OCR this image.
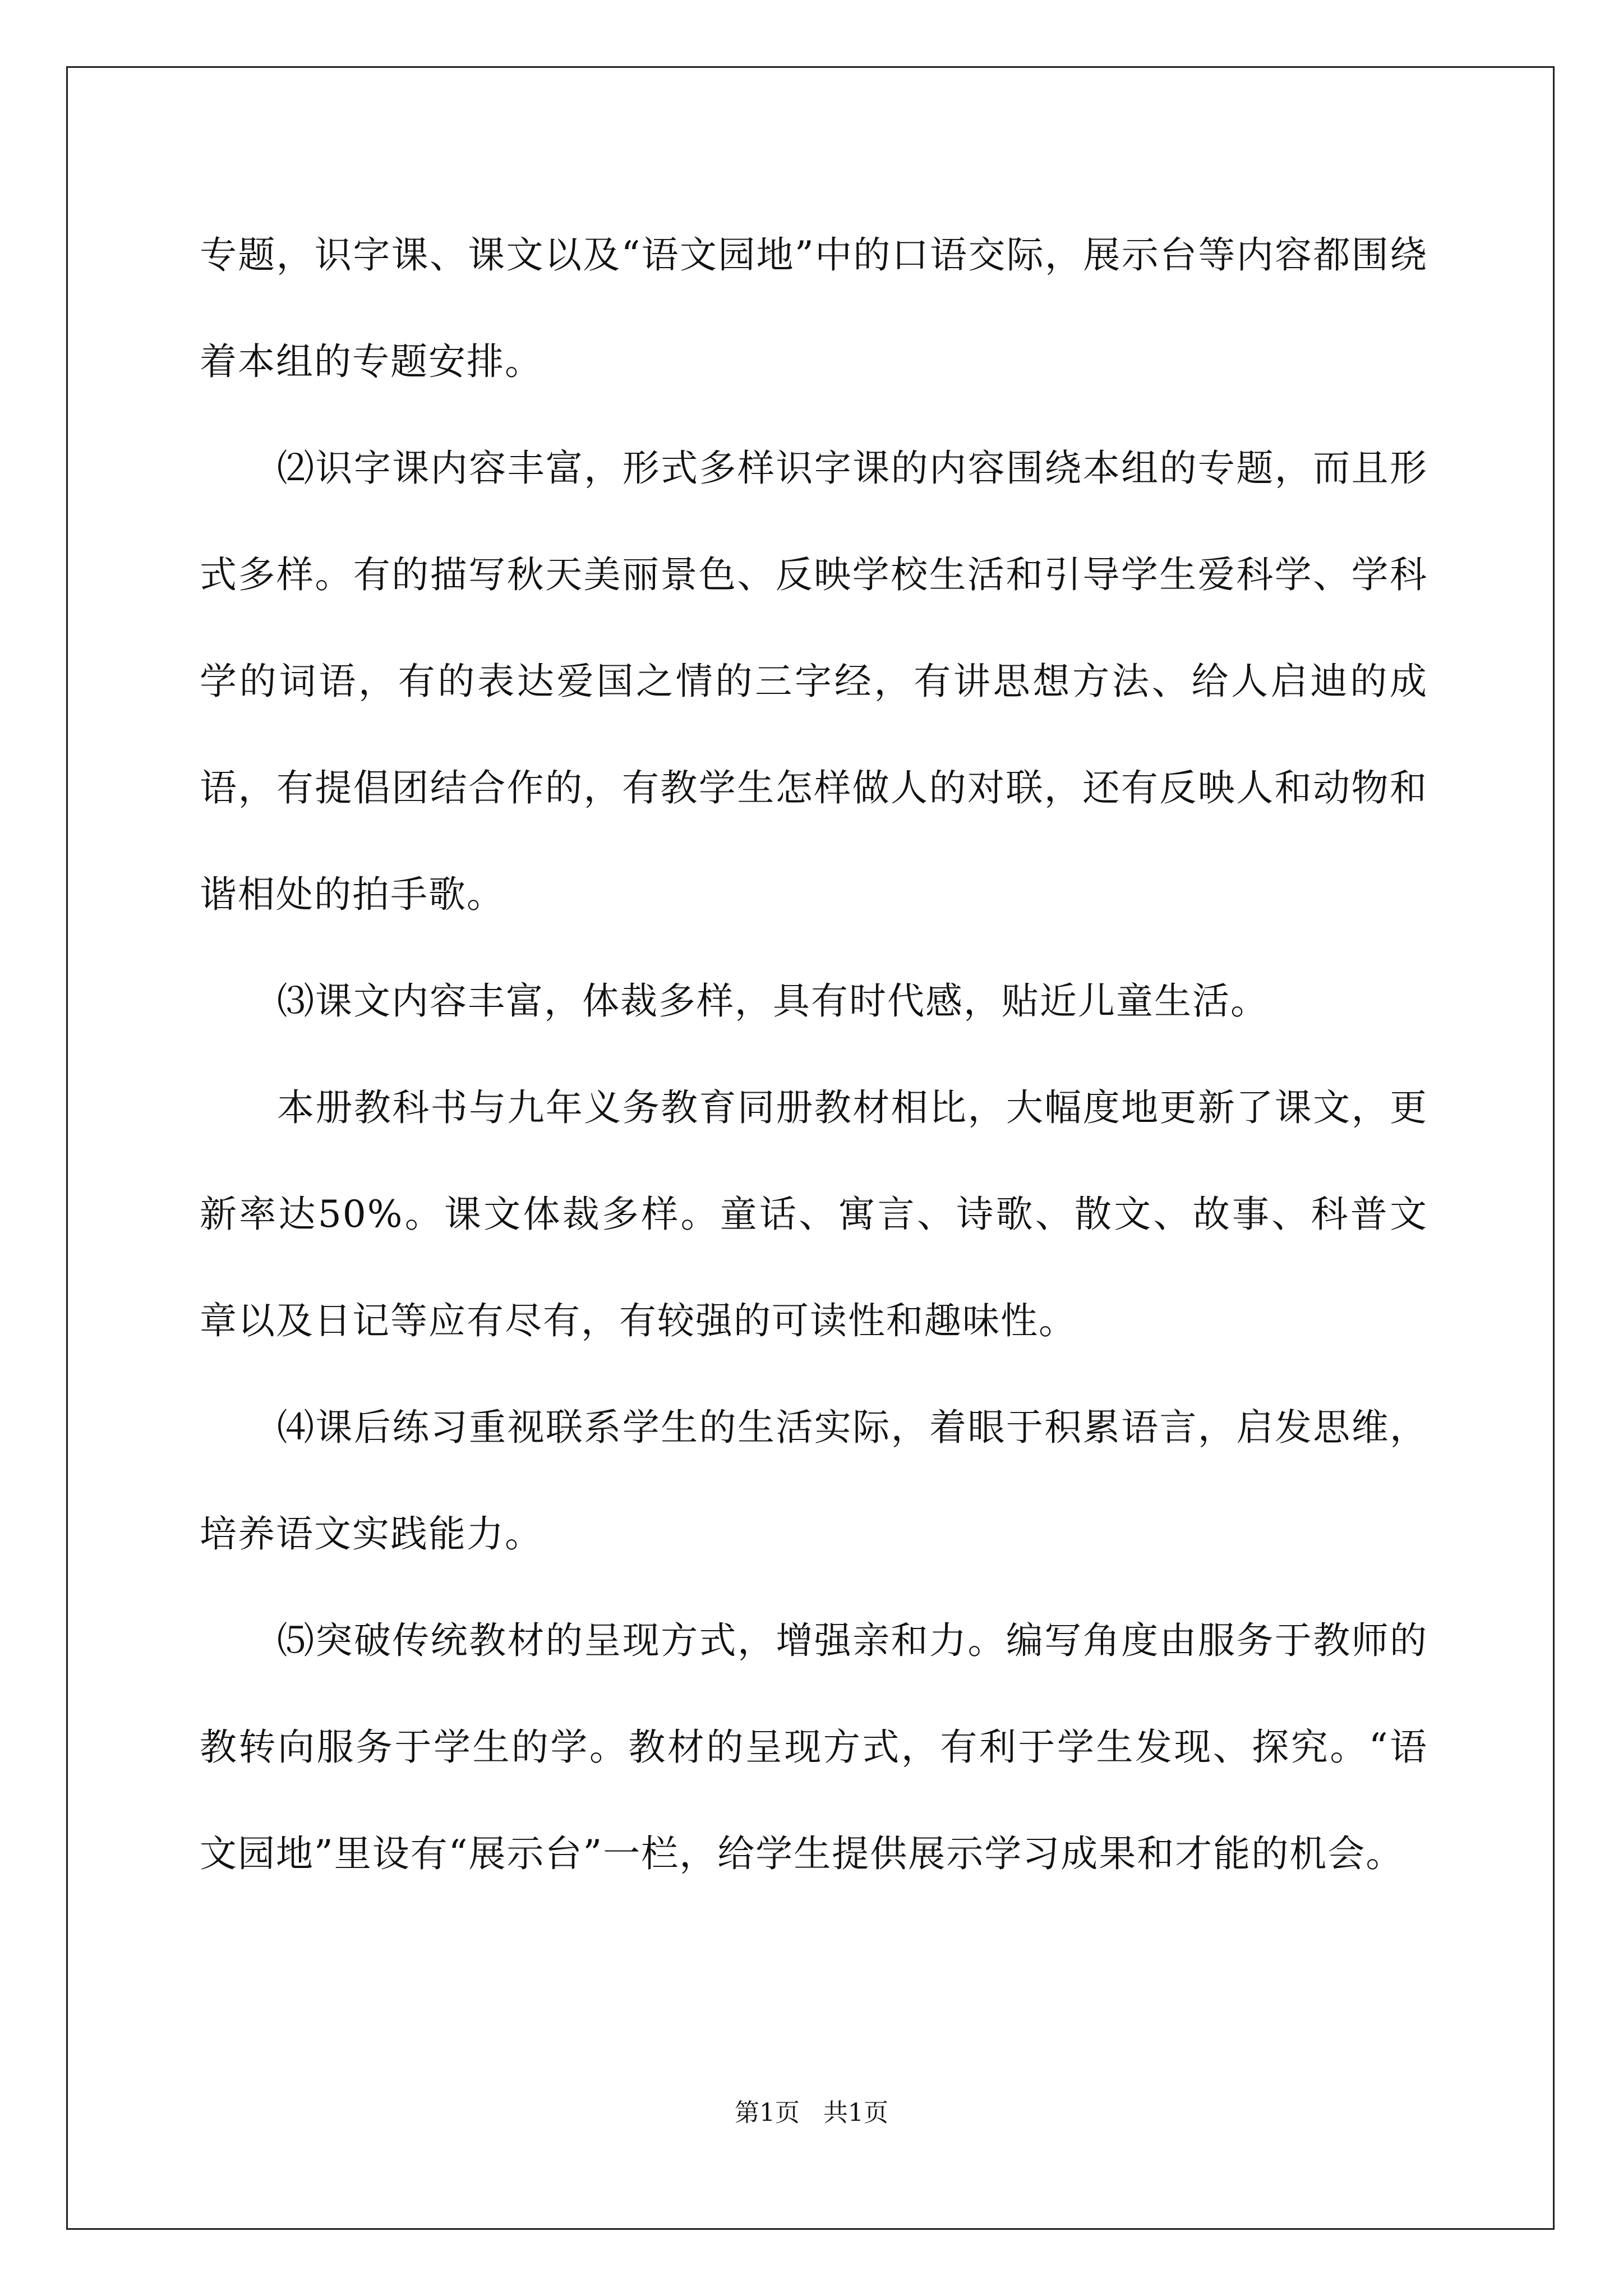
专题，识字课、课文以及“语文园地”中的口语交际，展示台等内容都围绕着本组的专题安排。

⑵识字课内容丰富，形式多样识字课的内容围绕本组的专题，而且形式多样。有的描写秋天美丽景色、反映学校生活和引导学生爱科学、学科学的词语，有的表达爱国之情的三字经，有讲思想方法、给人启迪的成语，有提倡团结合作的，有教学生怎样做人的对联，还有反映人和动物和谐相处的拍手歌。

⑶课文内容丰富，体裁多样，具有时代感，贴近儿童生活。

本册教科书与九年义务教育同册教材相比，大幅度地更新了课文，更新率达50%。课文体裁多样。童话、寓言、诗歌、散文、故事、科普文章以及日记等应有尽有，有较强的可读性和趣味性。

⑷课后练习重视联系学生的生活实际，着眼于积累语言，启发思维，培养语文实践能力。

⑸突破传统教材的呈现方式，增强亲和力。编写角度由服务于教师的教转向服务于学生的学。教材的呈现方式，有利于学生发现、探究。“语文园地”里设有“展示台”一栏，给学生提供展示学习成果和才能的机会。

第1页 共1页
